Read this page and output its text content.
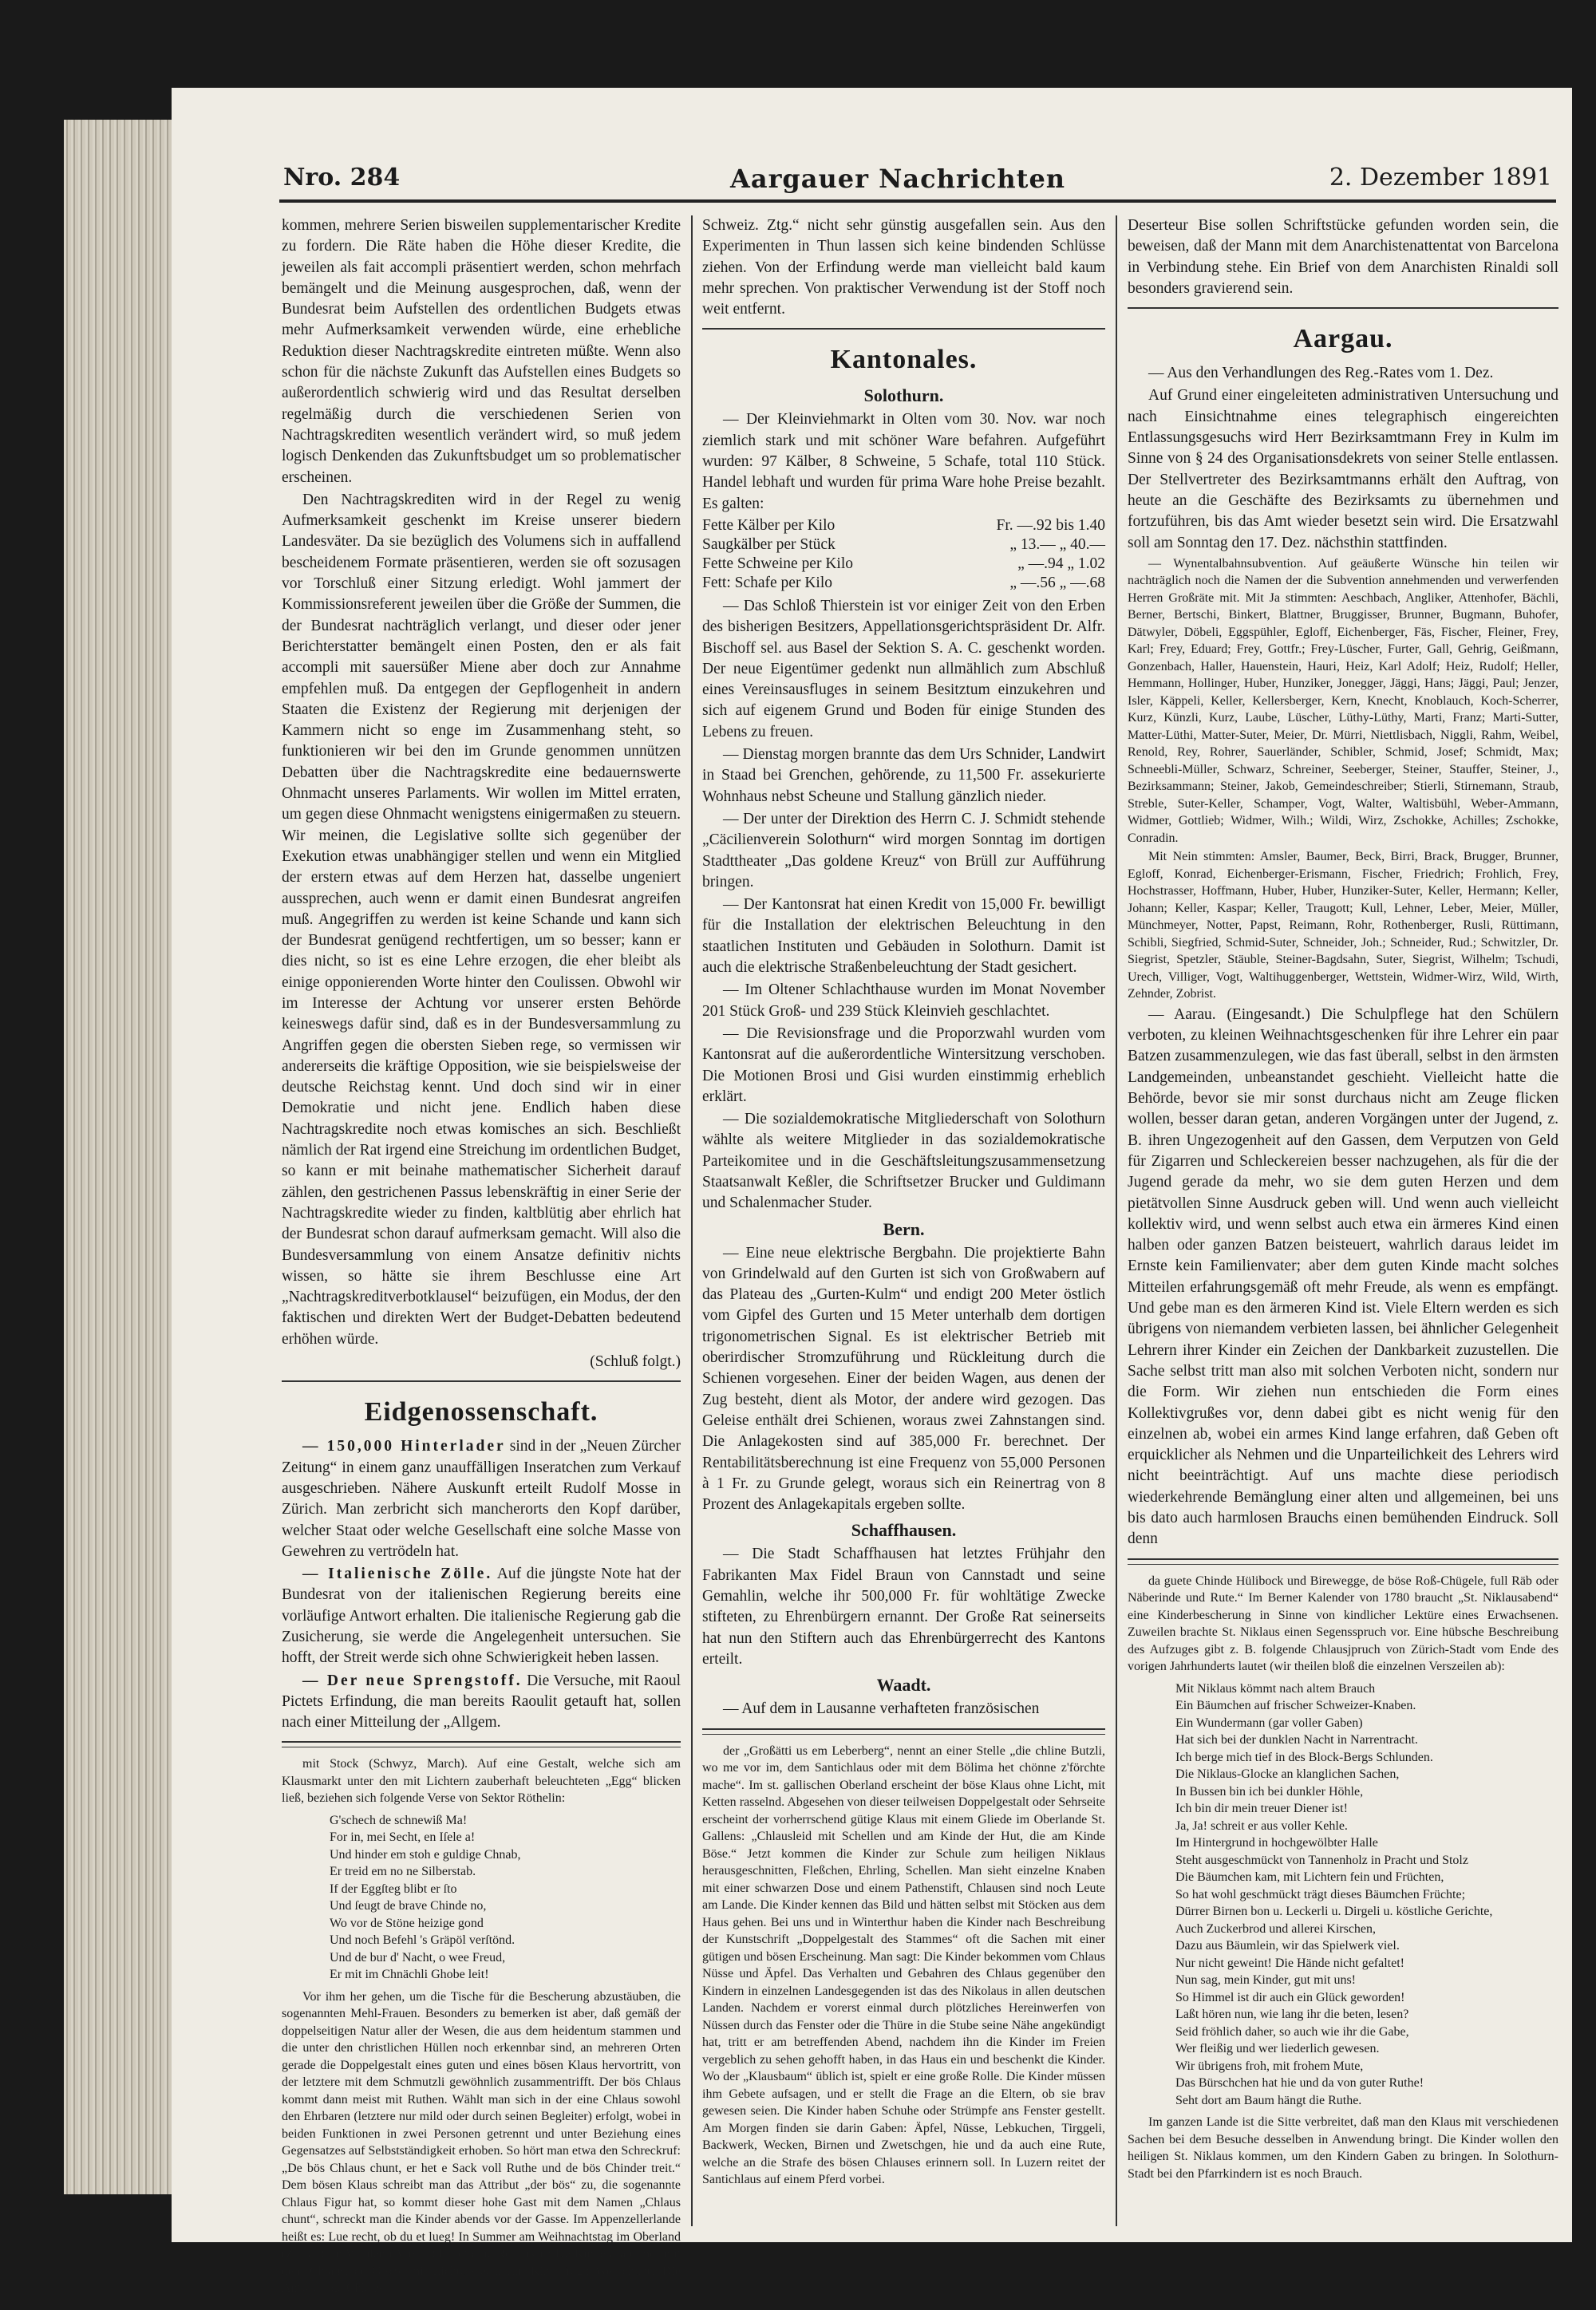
Nro. 284	Aargauer Nachrichten	2. Dezember 1891

kommen, mehrere Serien bisweilen supplementarischer Kredite zu fordern. Die Räte haben die Höhe dieser Kredite, die jeweilen als fait accompli präsentiert werden, schon mehrfach bemängelt und die Meinung ausgesprochen, daß, wenn der Bundesrat beim Aufstellen des ordentlichen Budgets etwas mehr Aufmerksamkeit verwenden würde, eine erhebliche Reduktion dieser Nachtragskredite eintreten müßte. Wenn also schon für die nächste Zukunft das Aufstellen eines Budgets so außerordentlich schwierig wird und das Resultat derselben regelmäßig durch die verschiedenen Serien von Nachtragskrediten wesentlich verändert wird, so muß jedem logisch Denkenden das Zukunftsbudget um so problematischer erscheinen.

Den Nachtragskrediten wird in der Regel zu wenig Aufmerksamkeit geschenkt im Kreise unserer biedern Landesväter. Da sie bezüglich des Volumens sich in auffallend bescheidenem Formate präsentieren, werden sie oft sozusagen vor Torschluß einer Sitzung erledigt. Wohl jammert der Kommissionsreferent jeweilen über die Größe der Summen, die der Bundesrat nachträglich verlangt, und dieser oder jener Berichterstatter bemängelt einen Posten, den er als fait accompli mit sauersüßer Miene aber doch zur Annahme empfehlen muß. Da entgegen der Gepflogenheit in andern Staaten die Existenz der Regierung mit derjenigen der Kammern nicht so enge im Zusammenhang steht, so funktionieren wir bei den im Grunde genommen unnützen Debatten über die Nachtragskredite eine bedauernswerte Ohnmacht unseres Parlaments. Wir wollen im Mittel erraten, um gegen diese Ohnmacht wenigstens einigermaßen zu steuern. Wir meinen, die Legislative sollte sich gegenüber der Exekution etwas unabhängiger stellen und wenn ein Mitglied der erstern etwas auf dem Herzen hat, dasselbe ungeniert aussprechen, auch wenn er damit einen Bundesrat angreifen muß. Angegriffen zu werden ist keine Schande und kann sich der Bundesrat genügend rechtfertigen, um so besser; kann er dies nicht, so ist es eine Lehre erzogen, die eher bleibt als einige opponierenden Worte hinter den Coulissen. Obwohl wir im Interesse der Achtung vor unserer ersten Behörde keineswegs dafür sind, daß es in der Bundesversammlung zu Angriffen gegen die obersten Sieben rege, so vermissen wir andererseits die kräftige Opposition, wie sie beispielsweise der deutsche Reichstag kennt. Und doch sind wir in einer Demokratie und nicht jene. Endlich haben diese Nachtragskredite noch etwas komisches an sich. Beschließt nämlich der Rat irgend eine Streichung im ordentlichen Budget, so kann er mit beinahe mathematischer Sicherheit darauf zählen, den gestrichenen Passus lebenskräftig in einer Serie der Nachtragskredite wieder zu finden, kaltblütig aber ehrlich hat der Bundesrat schon darauf aufmerksam gemacht. Will also die Bundesversammlung von einem Ansatze definitiv nichts wissen, so hätte sie ihrem Beschlusse eine Art „Nachtragskreditverbotklausel“ beizufügen, ein Modus, der den faktischen und direkten Wert der Budget-Debatten bedeutend erhöhen würde.

(Schluß folgt.)

Eidgenossenschaft.

— 150,000 Hinterlader sind in der „Neuen Zürcher Zeitung“ in einem ganz unauffälligen Inseratchen zum Verkauf ausgeschrieben. Nähere Auskunft erteilt Rudolf Mosse in Zürich. Man zerbricht sich mancherorts den Kopf darüber, welcher Staat oder welche Gesellschaft eine solche Masse von Gewehren zu vertrödeln hat.

— Italienische Zölle. Auf die jüngste Note hat der Bundesrat von der italienischen Regierung bereits eine vorläufige Antwort erhalten. Die italienische Regierung gab die Zusicherung, sie werde die Angelegenheit untersuchen. Sie hofft, der Streit werde sich ohne Schwierigkeit heben lassen.

— Der neue Sprengstoff. Die Versuche, mit Raoul Pictets Erfindung, die man bereits Raoulit getauft hat, sollen nach einer Mitteilung der „Allgem.

mit Stock (Schwyz, March). Auf eine Gestalt, welche sich am Klausmarkt unter den mit Lichtern zauberhaft beleuchteten „Egg“ blicken ließ, beziehen sich folgende Verse von Sektor Röthelin:

G'schech de schnewiß Ma!
For in, mei Secht, en Iſele a!
Und hinder em stoh e guldige Chnab,
Er treid em no ne Silberstab.
If der Eggſteg blibt er ſto
Und ſeugt de brave Chinde no,
Wo vor de Stöne heizige gond
Und noch Befehl 's Gräpöl verſtönd.
Und de bur d' Nacht, o wee Freud,
Er mit im Chnächli Ghobe leit!

Vor ihm her gehen, um die Tische für die Bescherung abzustäuben, die sogenannten Mehl-Frauen. Besonders zu bemerken ist aber, daß gemäß der doppelseitigen Natur aller der Wesen, die aus dem heidentum stammen und die unter den christlichen Hüllen noch erkennbar sind, an mehreren Orten gerade die Doppelgestalt eines guten und eines bösen Klaus hervortritt, von der letztere mit dem Schmutzli gewöhnlich zusammentrifft. Der bös Chlaus kommt dann meist mit Ruthen. Wählt man sich in der eine Chlaus sowohl den Ehrbaren (letztere nur mild oder durch seinen Begleiter) erfolgt, wobei in beiden Funktionen in zwei Personen getrennt und unter Beziehung eines Gegensatzes auf Selbstständigkeit erhoben. So hört man etwa den Schreckruf: „De bös Chlaus chunt, er het e Sack voll Ruthe und de bös Chinder treit.“ Dem bösen Klaus schreibt man das Attribut „der bös“ zu, die sogenannte Chlaus Figur hat, so kommt dieser hohe Gast mit dem Namen „Chlaus chunt“, schreckt man die Kinder abends vor der Gasse. Im Appenzellerlande heißt es: Lue recht, ob du et lueg! In Summer am Weihnachtstag im Oberland (Zürich). In Wohlen (Aargau) lautet eine Redensart: De Kinde draut mer mit dem Chlaus, de Große mit Lichte steck. Ein Kind fragt: Wer chunt? Die Antwort: de Chlaus!

Schweiz. Ztg.“ nicht sehr günstig ausgefallen sein. Aus den Experimenten in Thun lassen sich keine bindenden Schlüsse ziehen. Von der Erfindung werde man vielleicht bald kaum mehr sprechen. Von praktischer Verwendung ist der Stoff noch weit entfernt.

Kantonales.
Solothurn.

— Der Kleinviehmarkt in Olten vom 30. Nov. war noch ziemlich stark und mit schöner Ware befahren. Aufgeführt wurden: 97 Kälber, 8 Schweine, 5 Schafe, total 110 Stück. Handel lebhaft und wurden für prima Ware hohe Preise bezahlt. Es galten:

Fette Kälber per Kilo	Fr. —.92 bis 1.40
Saugkälber per Stück	„ 13.— „ 40.—
Fette Schweine per Kilo	„ —.94 „ 1.02
Fett: Schafe per Kilo	„ —.56 „ —.68

— Das Schloß Thierstein ist vor einiger Zeit von den Erben des bisherigen Besitzers, Appellationsgerichtspräsident Dr. Alfr. Bischoff sel. aus Basel der Sektion S. A. C. geschenkt worden. Der neue Eigentümer gedenkt nun allmählich zum Abschluß eines Vereinsausfluges in seinem Besitztum einzukehren und sich auf eigenem Grund und Boden für einige Stunden des Lebens zu freuen.

— Dienstag morgen brannte das dem Urs Schnider, Landwirt in Staad bei Grenchen, gehörende, zu 11,500 Fr. assekurierte Wohnhaus nebst Scheune und Stallung gänzlich nieder.

— Der unter der Direktion des Herrn C. J. Schmidt stehende „Cäcilienverein Solothurn“ wird morgen Sonntag im dortigen Stadttheater „Das goldene Kreuz“ von Brüll zur Aufführung bringen.

— Der Kantonsrat hat einen Kredit von 15,000 Fr. bewilligt für die Installation der elektrischen Beleuchtung in den staatlichen Instituten und Gebäuden in Solothurn. Damit ist auch die elektrische Straßenbeleuchtung der Stadt gesichert.

— Im Oltener Schlachthause wurden im Monat November 201 Stück Groß- und 239 Stück Kleinvieh geschlachtet.

— Die Revisionsfrage und die Proporzwahl wurden vom Kantonsrat auf die außerordentliche Wintersitzung verschoben. Die Motionen Brosi und Gisi wurden einstimmig erheblich erklärt.

— Die sozialdemokratische Mitgliederschaft von Solothurn wählte als weitere Mitglieder in das sozialdemokratische Parteikomitee und in die Geschäftsleitungszusammensetzung Staatsanwalt Keßler, die Schriftsetzer Brucker und Guldimann und Schalenmacher Studer.

Bern.

— Eine neue elektrische Bergbahn. Die projektierte Bahn von Grindelwald auf den Gurten ist sich von Großwabern auf das Plateau des „Gurten-Kulm“ und endigt 200 Meter östlich vom Gipfel des Gurten und 15 Meter unterhalb dem dortigen trigonometrischen Signal. Es ist elektrischer Betrieb mit oberirdischer Stromzuführung und Rückleitung durch die Schienen vorgesehen. Einer der beiden Wagen, aus denen der Zug besteht, dient als Motor, der andere wird gezogen. Das Geleise enthält drei Schienen, woraus zwei Zahnstangen sind. Die Anlagekosten sind auf 385,000 Fr. berechnet. Der Rentabilitätsberechnung ist eine Frequenz von 55,000 Personen à 1 Fr. zu Grunde gelegt, woraus sich ein Reinertrag von 8 Prozent des Anlagekapitals ergeben sollte.

Schaffhausen.

— Die Stadt Schaffhausen hat letztes Frühjahr den Fabrikanten Max Fidel Braun von Cannstadt und seine Gemahlin, welche ihr 500,000 Fr. für wohltätige Zwecke stifteten, zu Ehrenbürgern ernannt. Der Große Rat seinerseits hat nun den Stiftern auch das Ehrenbürgerrecht des Kantons erteilt.

Waadt.

— Auf dem in Lausanne verhafteten französischen

der „Großätti us em Leberberg“, nennt an einer Stelle „die chline Butzli, wo me vor im, dem Santichlaus oder mit dem Bölima het chönne z'förchte mache“. Im st. gallischen Oberland erscheint der böse Klaus ohne Licht, mit Ketten rasselnd. Abgesehen von dieser teilweisen Doppelgestalt oder Sehrseite erscheint der vorherrschend gütige Klaus mit einem Gliede im Oberlande St. Gallens: „Chlausleid mit Schellen und am Kinde der Hut, die am Kinde Böse.“ Jetzt kommen die Kinder zur Schule zum heiligen Niklaus herausgeschnitten, Fleßchen, Ehrling, Schellen. Man sieht einzelne Knaben mit einer schwarzen Dose und einem Pathenstift, Chlausen sind noch Leute am Lande. Die Kinder kennen das Bild und hätten selbst mit Stöcken aus dem Haus gehen. Bei uns und in Winterthur haben die Kinder nach Beschreibung der Kunstschrift „Doppelgestalt des Stammes“ oft die Sachen mit einer gütigen und bösen Erscheinung. Man sagt: Die Kinder bekommen vom Chlaus Nüsse und Äpfel. Das Verhalten und Gebahren des Chlaus gegenüber den Kindern in einzelnen Landesgegenden ist das des Nikolaus in allen deutschen Landen. Nachdem er vorerst einmal durch plötzliches Hereinwerfen von Nüssen durch das Fenster oder die Thüre in die Stube seine Nähe angekündigt hat, tritt er am betreffenden Abend, nachdem ihn die Kinder im Freien vergeblich zu sehen gehofft haben, in das Haus ein und beschenkt die Kinder. Wo der „Klausbaum“ üblich ist, spielt er eine große Rolle. Die Kinder müssen ihm Gebete aufsagen, und er stellt die Frage an die Eltern, ob sie brav gewesen seien. Die Kinder haben Schuhe oder Strümpfe ans Fenster gestellt. Am Morgen finden sie darin Gaben: Äpfel, Nüsse, Lebkuchen, Tirggeli, Backwerk, Wecken, Birnen und Zwetschgen, hie und da auch eine Rute, welche an die Strafe des bösen Chlauses erinnern soll. In Luzern reitet der Santichlaus auf einem Pferd vorbei.

Deserteur Bise sollen Schriftstücke gefunden worden sein, die beweisen, daß der Mann mit dem Anarchistenattentat von Barcelona in Verbindung stehe. Ein Brief von dem Anarchisten Rinaldi soll besonders gravierend sein.

Aargau.

— Aus den Verhandlungen des Reg.-Rates vom 1. Dez.

Auf Grund einer eingeleiteten administrativen Untersuchung und nach Einsichtnahme eines telegraphisch eingereichten Entlassungsgesuchs wird Herr Bezirksamtmann Frey in Kulm im Sinne von § 24 des Organisationsdekrets von seiner Stelle entlassen. Der Stellvertreter des Bezirksamtmanns erhält den Auftrag, von heute an die Geschäfte des Bezirksamts zu übernehmen und fortzuführen, bis das Amt wieder besetzt sein wird. Die Ersatzwahl soll am Sonntag den 17. Dez. nächsthin stattfinden.

— Wynentalbahnsubvention. Auf geäußerte Wünsche hin teilen wir nachträglich noch die Namen der die Subvention annehmenden und verwerfenden Herren Großräte mit. Mit Ja stimmten: Aeschbach, Angliker, Attenhofer, Bächli, Berner, Bertschi, Binkert, Blattner, Bruggisser, Brunner, Bugmann, Buhofer, Dätwyler, Döbeli, Eggspühler, Egloff, Eichenberger, Fäs, Fischer, Fleiner, Frey, Karl; Frey, Eduard; Frey, Gottfr.; Frey-Lüscher, Furter, Gall, Gehrig, Geißmann, Gonzenbach, Haller, Hauenstein, Hauri, Heiz, Karl Adolf; Heiz, Rudolf; Heller, Hemmann, Hollinger, Huber, Hunziker, Jonegger, Jäggi, Hans; Jäggi, Paul; Jenzer, Isler, Käppeli, Keller, Kellersberger, Kern, Knecht, Knoblauch, Koch-Scherrer, Kurz, Künzli, Kurz, Laube, Lüscher, Lüthy-Lüthy, Marti, Franz; Marti-Sutter, Matter-Lüthi, Matter-Suter, Meier, Dr. Mürri, Niettlisbach, Niggli, Rahm, Weibel, Renold, Rey, Rohrer, Sauerländer, Schibler, Schmid, Josef; Schmidt, Max; Schneebli-Müller, Schwarz, Schreiner, Seeberger, Steiner, Stauffer, Steiner, J., Bezirksammann; Steiner, Jakob, Gemeindeschreiber; Stierli, Stirnemann, Straub, Streble, Suter-Keller, Schamper, Vogt, Walter, Waltisbühl, Weber-Ammann, Widmer, Gottlieb; Widmer, Wilh.; Wildi, Wirz, Zschokke, Achilles; Zschokke, Conradin.

Mit Nein stimmten: Amsler, Baumer, Beck, Birri, Brack, Brugger, Brunner, Egloff, Konrad, Eichenberger-Erismann, Fischer, Friedrich; Frohlich, Frey, Hochstrasser, Hoffmann, Huber, Huber, Hunziker-Suter, Keller, Hermann; Keller, Johann; Keller, Kaspar; Keller, Traugott; Kull, Lehner, Leber, Meier, Müller, Münchmeyer, Notter, Papst, Reimann, Rohr, Rothenberger, Rusli, Rüttimann, Schibli, Siegfried, Schmid-Suter, Schneider, Joh.; Schneider, Rud.; Schwitzler, Dr. Siegrist, Spetzler, Stäuble, Steiner-Bagdsahn, Suter, Siegrist, Wilhelm; Tschudi, Urech, Villiger, Vogt, Waltihuggenberger, Wettstein, Widmer-Wirz, Wild, Wirth, Zehnder, Zobrist.

— Aarau. (Eingesandt.) Die Schulpflege hat den Schülern verboten, zu kleinen Weihnachtsgeschenken für ihre Lehrer ein paar Batzen zusammenzulegen, wie das fast überall, selbst in den ärmsten Landgemeinden, unbeanstandet geschieht. Vielleicht hatte die Behörde, bevor sie mir sonst durchaus nicht am Zeuge flicken wollen, besser daran getan, anderen Vorgängen unter der Jugend, z. B. ihren Ungezogenheit auf den Gassen, dem Verputzen von Geld für Zigarren und Schleckereien besser nachzugehen, als für die der Jugend gerade da mehr, wo sie dem guten Herzen und dem pietätvollen Sinne Ausdruck geben will. Und wenn auch vielleicht kollektiv wird, und wenn selbst auch etwa ein ärmeres Kind einen halben oder ganzen Batzen beisteuert, wahrlich daraus leidet im Ernste kein Familienvater; aber dem guten Kinde macht solches Mitteilen erfahrungsgemäß oft mehr Freude, als wenn es empfängt. Und gebe man es den ärmeren Kind ist. Viele Eltern werden es sich übrigens von niemandem verbieten lassen, bei ähnlicher Gelegenheit Lehrern ihrer Kinder ein Zeichen der Dankbarkeit zuzustellen. Die Sache selbst tritt man also mit solchen Verboten nicht, sondern nur die Form. Wir ziehen nun entschieden die Form eines Kollektivgrußes vor, denn dabei gibt es nicht wenig für den einzelnen ab, wobei ein armes Kind lange erfahren, daß Geben oft erquicklicher als Nehmen und die Unparteilichkeit des Lehrers wird nicht beeinträchtigt. Auf uns machte diese periodisch wiederkehrende Bemänglung einer alten und allgemeinen, bei uns bis dato auch harmlosen Brauchs einen bemühenden Eindruck. Soll denn

da guete Chinde Hülibock und Birewegge, de böse Roß-Chügele, full Räb oder Näberinde und Rute.“ Im Berner Kalender von 1780 braucht „St. Niklausabend“ eine Kinderbescherung in Sinne von kindlicher Lektüre eines Erwachsenen. Zuweilen brachte St. Niklaus einen Segensspruch vor. Eine hübsche Beschreibung des Aufzuges gibt z. B. folgende Chlausjpruch von Zürich-Stadt vom Ende des vorigen Jahrhunderts lautet (wir theilen bloß die einzelnen Verszeilen ab):

Mit Niklaus kömmt nach altem Brauch
Ein Bäumchen auf frischer Schweizer-Knaben.
Ein Wundermann (gar voller Gaben)
Hat sich bei der dunklen Nacht in Narrentracht.
Ich berge mich tief in des Block-Bergs Schlunden.
Die Niklaus-Glocke an klanglichen Sachen,
In Bussen bin ich bei dunkler Höhle,
Ich bin dir mein treuer Diener ist!
Ja, Ja! schreit er aus voller Kehle.
Im Hintergrund in hochgewölbter Halle
Steht ausgeschmückt von Tannenholz in Pracht und Stolz
Die Bäumchen kam, mit Lichtern fein und Früchten,
So hat wohl geschmückt trägt dieses Bäumchen Früchte;
Dürrer Birnen bon u. Leckerli u. Dirgeli u. köstliche Gerichte,
Auch Zuckerbrod und allerei Kirschen,
Dazu aus Bäumlein, wir das Spielwerk viel.
Nur nicht geweint! Die Hände nicht gefaltet!
Nun sag, mein Kinder, gut mit uns!
So Himmel ist dir auch ein Glück geworden!
Laßt hören nun, wie lang ihr die beten, lesen?
Seid fröhlich daher, so auch wie ihr die Gabe,
Wer fleißig und wer liederlich gewesen.
Wir übrigens froh, mit frohem Mute,
Das Bürschchen hat hie und da von guter Ruthe!
Seht dort am Baum hängt die Ruthe.

Im ganzen Lande ist die Sitte verbreitet, daß man den Klaus mit verschiedenen Sachen bei dem Besuche desselben in Anwendung bringt. Die Kinder wollen den heiligen St. Niklaus kommen, um den Kindern Gaben zu bringen. In Solothurn-Stadt bei den Pfarrkindern ist es noch Brauch.
